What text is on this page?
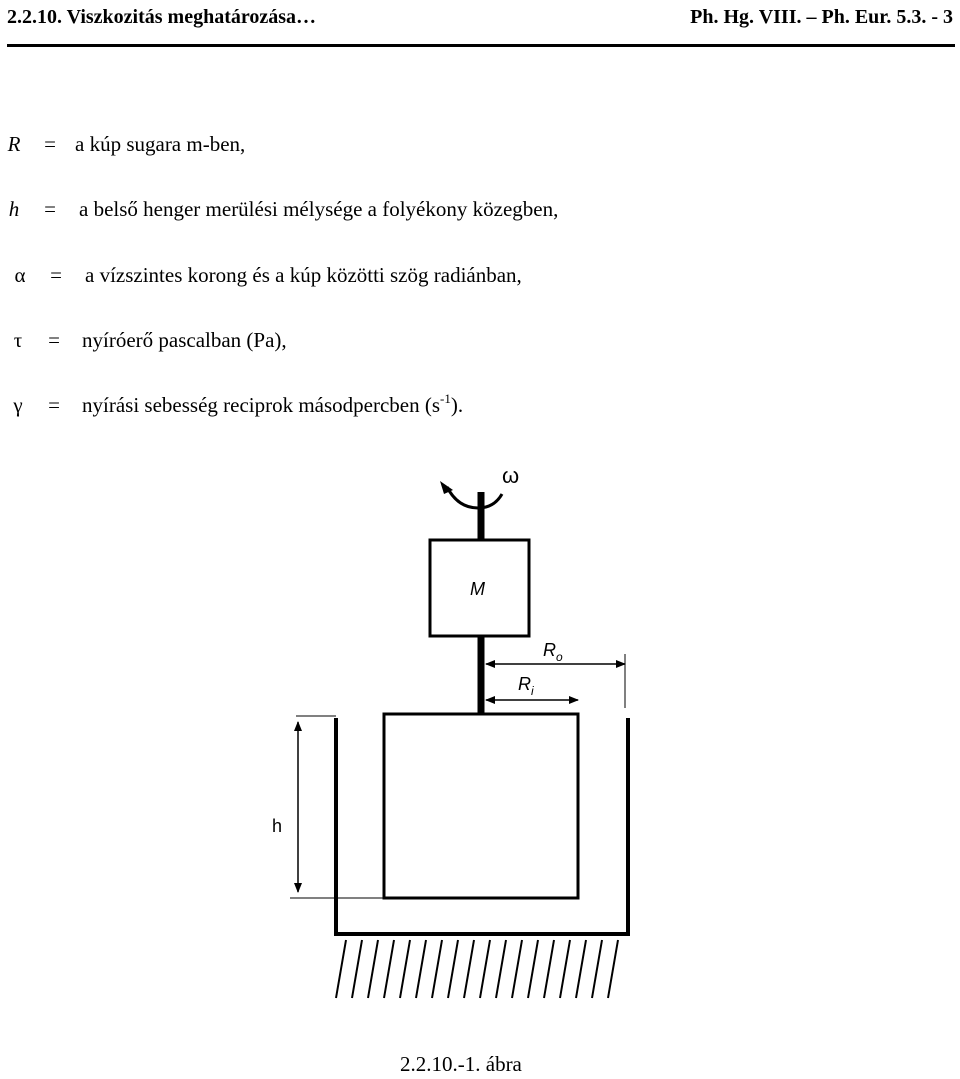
2.2.10. Viszkozitás meghatározása…	Ph. Hg. VIII. – Ph. Eur. 5.3. - 3
R = a kúp sugara m-ben,
h = a belső henger merülési mélysége a folyékony közegben,
α = a vízszintes korong és a kúp közötti szög radiánban,
τ = nyíróerő pascalban (Pa),
γ = nyírási sebesség reciprok másodpercben $(s^{-1})$.
ω
M
$R_o$
$R_i$
h
2.2.10.-1. ábra
